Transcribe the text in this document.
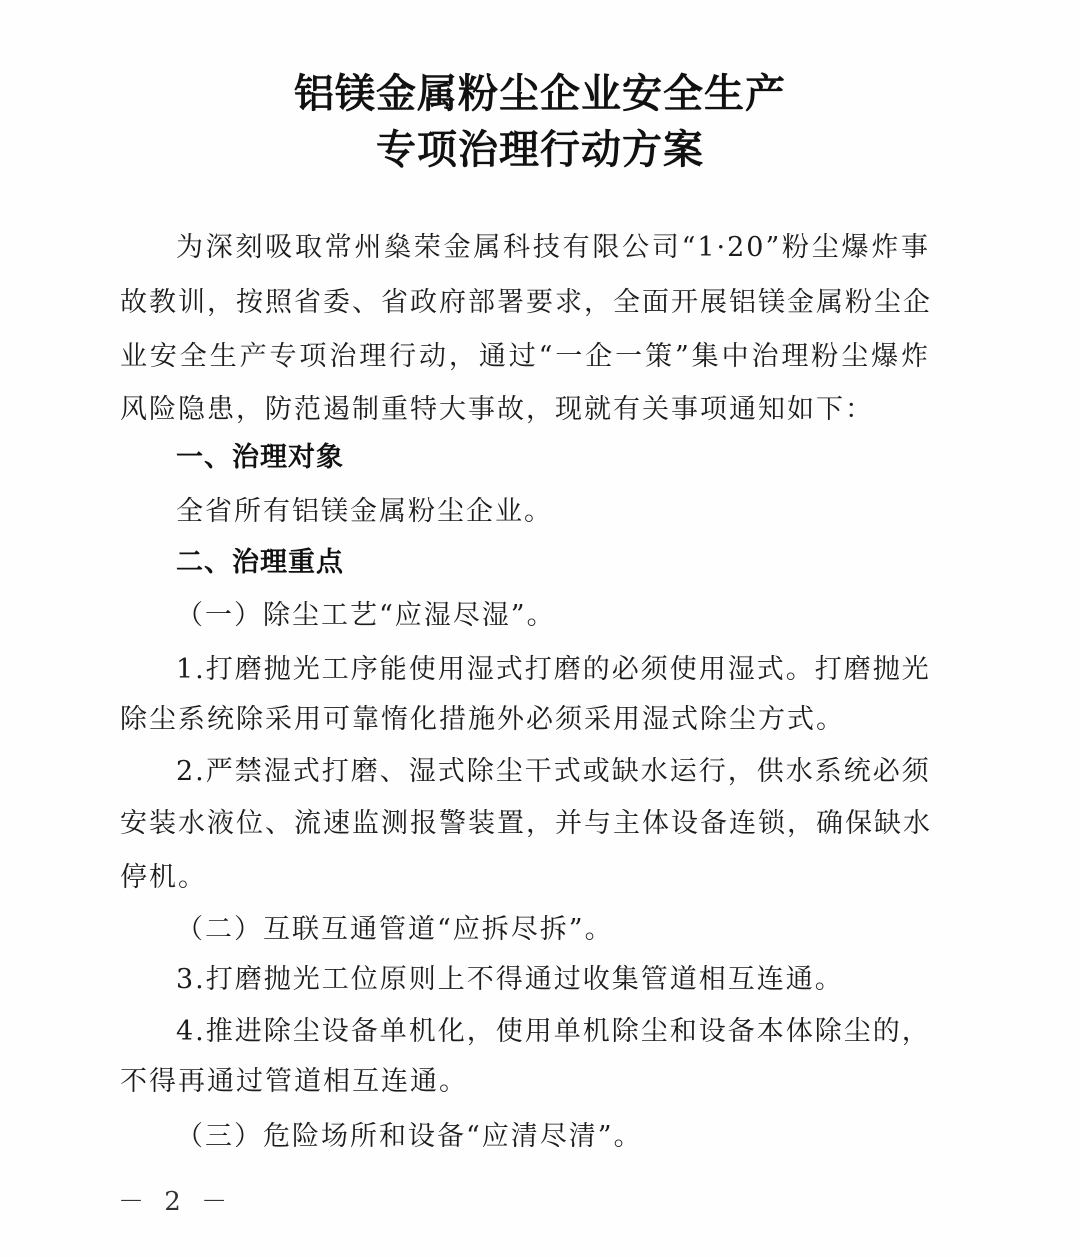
铝镁金属粉尘企业安全生产
专项治理行动方案

为深刻吸取常州燊荣金属科技有限公司“1·20”粉尘爆炸事

故教训，按照省委、省政府部署要求，全面开展铝镁金属粉尘企

业安全生产专项治理行动，通过“一企一策”集中治理粉尘爆炸

风险隐患，防范遏制重特大事故，现就有关事项通知如下：

一、治理对象

全省所有铝镁金属粉尘企业。

二、治理重点

（一）除尘工艺“应湿尽湿”。

1.打磨抛光工序能使用湿式打磨的必须使用湿式。打磨抛光

除尘系统除采用可靠惰化措施外必须采用湿式除尘方式。

2.严禁湿式打磨、湿式除尘干式或缺水运行，供水系统必须

安装水液位、流速监测报警装置，并与主体设备连锁，确保缺水

停机。

（二）互联互通管道“应拆尽拆”。

3.打磨抛光工位原则上不得通过收集管道相互连通。

4.推进除尘设备单机化，使用单机除尘和设备本体除尘的，

不得再通过管道相互连通。

（三）危险场所和设备“应清尽清”。

－ 2 －
